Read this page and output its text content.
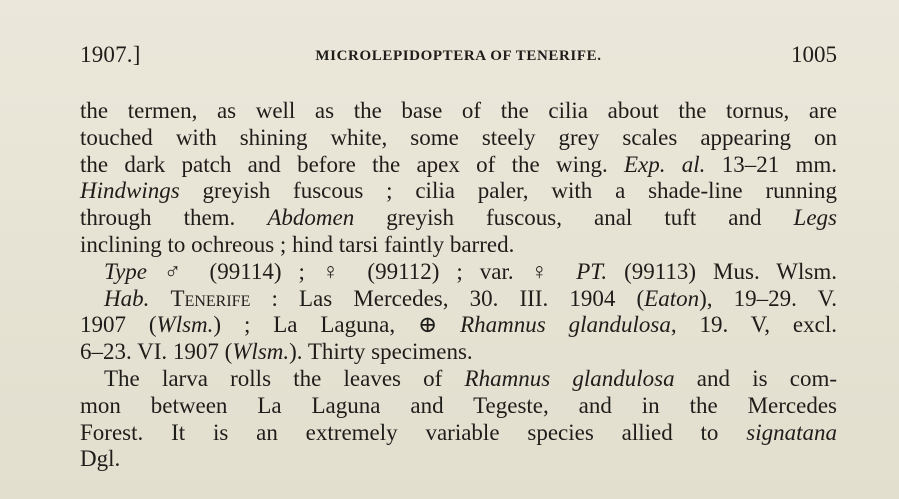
1907.]	MICROLEPIDOPTERA OF TENERIFE.	1005
the termen, as well as the base of the cilia about the tornus, are
touched with shining white, some steely grey scales appearing on
the dark patch and before the apex of the wing. Exp. al. 13–21 mm.
Hindwings greyish fuscous ; cilia paler, with a shade-line running
through them. Abdomen greyish fuscous, anal tuft and Legs
inclining to ochreous ; hind tarsi faintly barred.
Type ♂ (99114) ; ♀ (99112) ; var. ♀ PT. (99113) Mus. Wlsm.
Hab. Tenerife : Las Mercedes, 30. III. 1904 (Eaton), 19–29. V.
1907 (Wlsm.) ; La Laguna, ⊕ Rhamnus glandulosa, 19. V, excl.
6–23. VI. 1907 (Wlsm.). Thirty specimens.
The larva rolls the leaves of Rhamnus glandulosa and is com-
mon between La Laguna and Tegeste, and in the Mercedes
Forest. It is an extremely variable species allied to signatana
Dgl.
